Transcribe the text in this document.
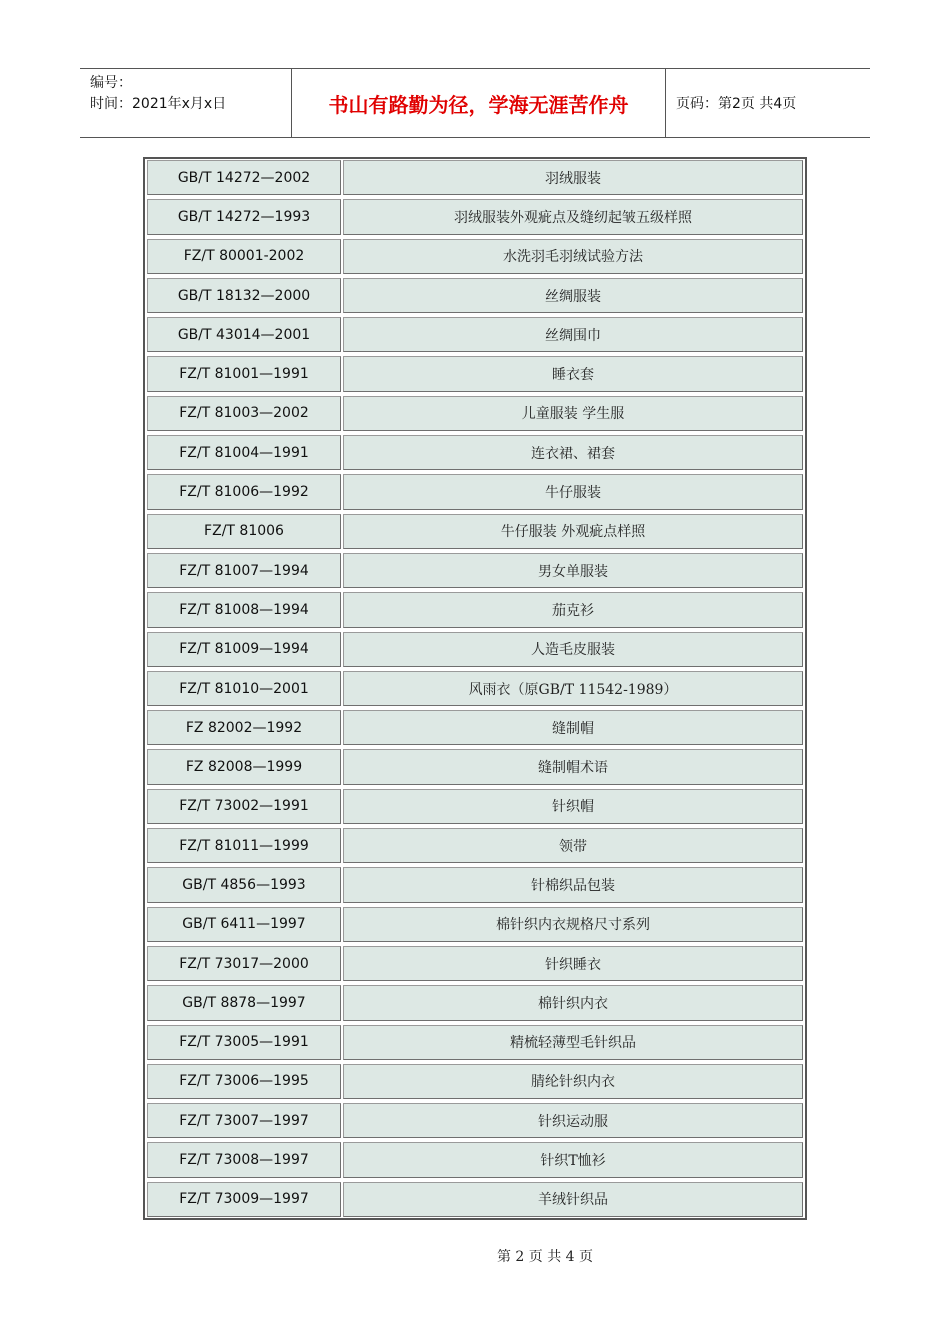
编号：
时间：2021年x月x日	书山有路勤为径，学海无涯苦作舟	页码：第2页 共4页
GB/T 14272—2002	羽绒服装
GB/T 14272—1993	羽绒服装外观疵点及缝纫起皱五级样照
FZ/T 80001-2002	水洗羽毛羽绒试验方法
GB/T 18132—2000	丝绸服装
GB/T 43014—2001	丝绸围巾
FZ/T 81001—1991	睡衣套
FZ/T 81003—2002	儿童服装 学生服
FZ/T 81004—1991	连衣裙、裙套
FZ/T 81006—1992	牛仔服装
FZ/T 81006	牛仔服装 外观疵点样照
FZ/T 81007—1994	男女单服装
FZ/T 81008—1994	茄克衫
FZ/T 81009—1994	人造毛皮服装
FZ/T 81010—2001	风雨衣（原GB/T 11542-1989）
FZ 82002—1992	缝制帽
FZ 82008—1999	缝制帽术语
FZ/T 73002—1991	针织帽
FZ/T 81011—1999	领带
GB/T 4856—1993	针棉织品包装
GB/T 6411—1997	棉针织内衣规格尺寸系列
FZ/T 73017—2000	针织睡衣
GB/T 8878—1997	棉针织内衣
FZ/T 73005—1991	精梳轻薄型毛针织品
FZ/T 73006—1995	腈纶针织内衣
FZ/T 73007—1997	针织运动服
FZ/T 73008—1997	针织T恤衫
FZ/T 73009—1997	羊绒针织品
第 2 页 共 4 页
